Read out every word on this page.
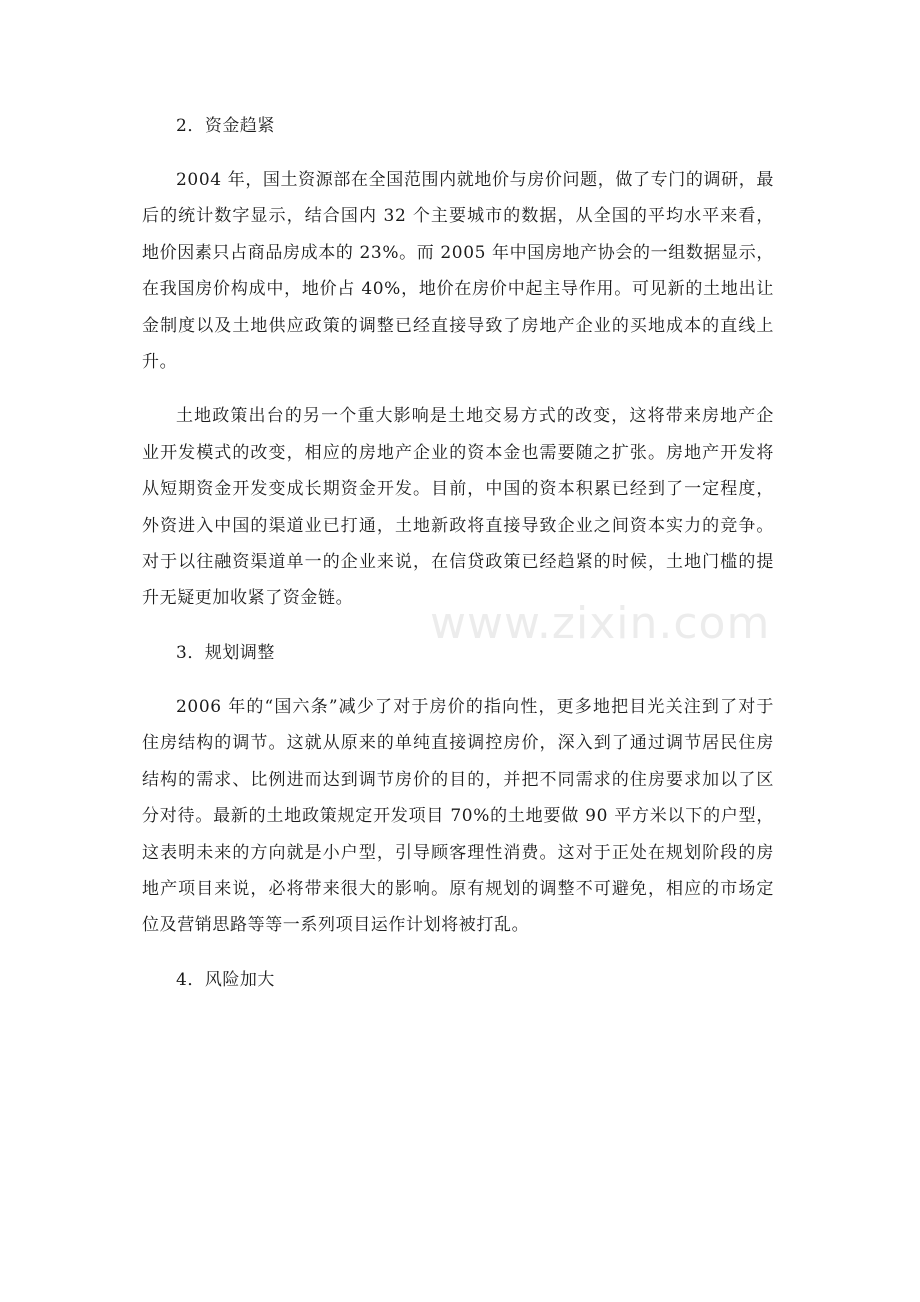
2．资金趋紧

2004 年，国土资源部在全国范围内就地价与房价问题，做了专门的调研，最后的统计数字显示，结合国内 32 个主要城市的数据，从全国的平均水平来看，地价因素只占商品房成本的 23%。而 2005 年中国房地产协会的一组数据显示，在我国房价构成中，地价占 40%，地价在房价中起主导作用。可见新的土地出让金制度以及土地供应政策的调整已经直接导致了房地产企业的买地成本的直线上升。

土地政策出台的另一个重大影响是土地交易方式的改变，这将带来房地产企业开发模式的改变，相应的房地产企业的资本金也需要随之扩张。房地产开发将从短期资金开发变成长期资金开发。目前，中国的资本积累已经到了一定程度，外资进入中国的渠道业已打通，土地新政将直接导致企业之间资本实力的竞争。对于以往融资渠道单一的企业来说，在信贷政策已经趋紧的时候，土地门槛的提升无疑更加收紧了资金链。

3．规划调整

2006 年的“国六条”减少了对于房价的指向性，更多地把目光关注到了对于住房结构的调节。这就从原来的单纯直接调控房价，深入到了通过调节居民住房结构的需求、比例进而达到调节房价的目的，并把不同需求的住房要求加以了区分对待。最新的土地政策规定开发项目 70%的土地要做 90 平方米以下的户型，这表明未来的方向就是小户型，引导顾客理性消费。这对于正处在规划阶段的房地产项目来说，必将带来很大的影响。原有规划的调整不可避免，相应的市场定位及营销思路等等一系列项目运作计划将被打乱。

4．风险加大
www.zixin.com
